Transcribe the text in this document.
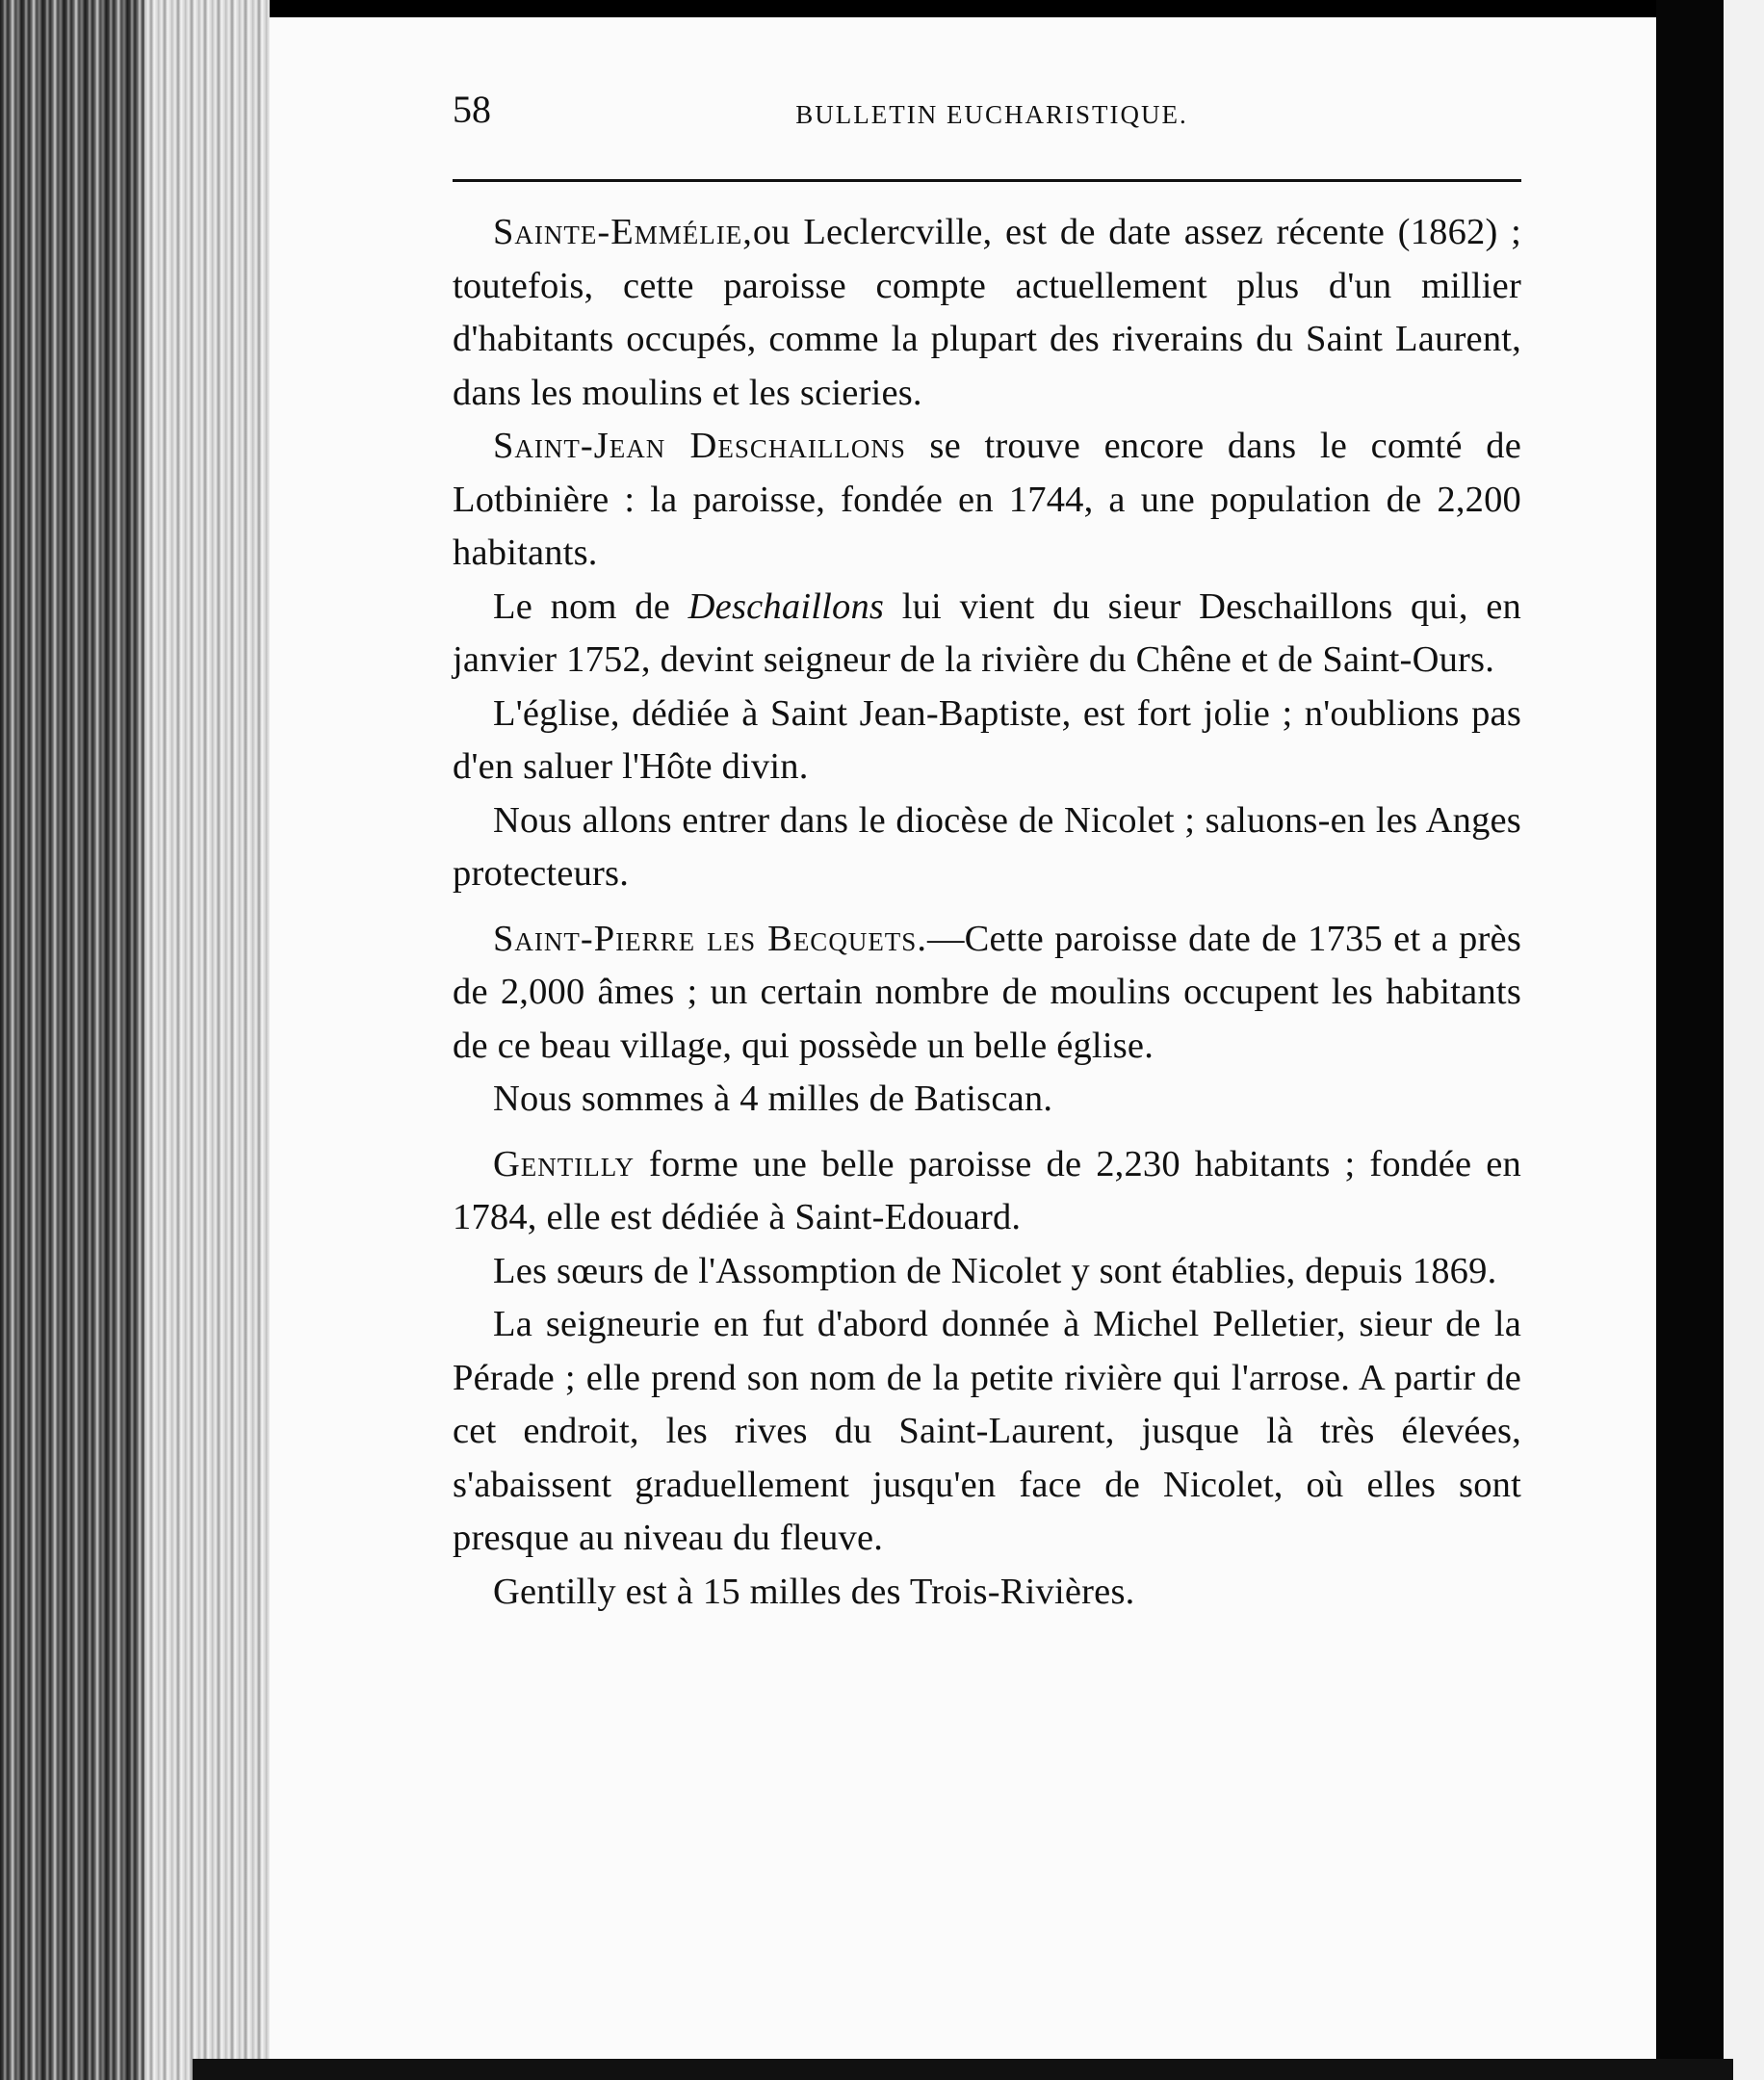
58	BULLETIN EUCHARISTIQUE.

Sainte-Emmélie,ou Leclercville, est de date assez récente (1862) ; toutefois, cette paroisse compte actuellement plus d'un millier d'habitants occupés, comme la plupart des riverains du Saint Laurent, dans les moulins et les scieries.

Saint-Jean Deschaillons se trouve encore dans le comté de Lotbinière : la paroisse, fondée en 1744, a une population de 2,200 habitants.

Le nom de Deschaillons lui vient du sieur Deschaillons qui, en janvier 1752, devint seigneur de la rivière du Chêne et de Saint-Ours.

L'église, dédiée à Saint Jean-Baptiste, est fort jolie ; n'oublions pas d'en saluer l'Hôte divin.

Nous allons entrer dans le diocèse de Nicolet ; saluons-en les Anges protecteurs.

Saint-Pierre les Becquets.—Cette paroisse date de 1735 et a près de 2,000 âmes ; un certain nombre de moulins occupent les habitants de ce beau village, qui possède un belle église.

Nous sommes à 4 milles de Batiscan.

Gentilly forme une belle paroisse de 2,230 habitants ; fondée en 1784, elle est dédiée à Saint-Edouard.

Les sœurs de l'Assomption de Nicolet y sont établies, depuis 1869.

La seigneurie en fut d'abord donnée à Michel Pelletier, sieur de la Pérade ; elle prend son nom de la petite rivière qui l'arrose. A partir de cet endroit, les rives du Saint-Laurent, jusque là très élevées, s'abaissent graduellement jusqu'en face de Nicolet, où elles sont presque au niveau du fleuve.

Gentilly est à 15 milles des Trois-Rivières.
